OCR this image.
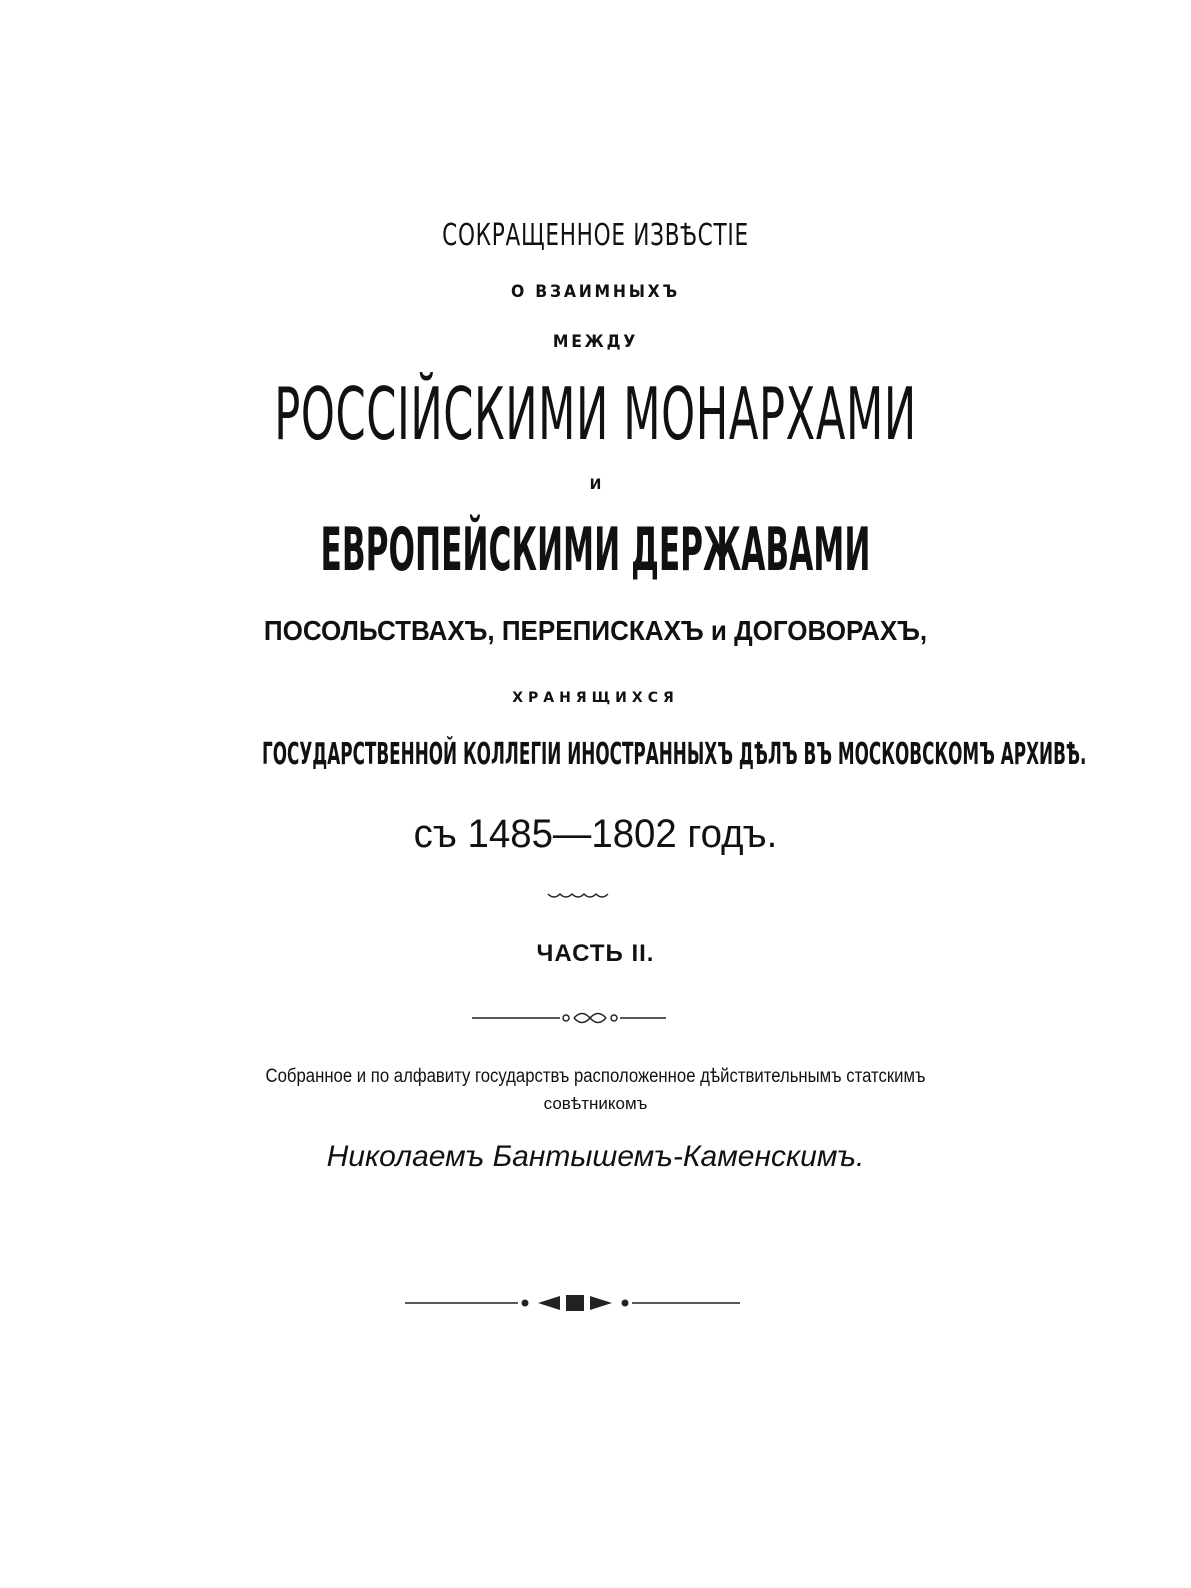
СОКРАЩЕННОЕ ИЗВѢСТІЕ
О ВЗАИМНЫХЪ
МЕЖДУ
РОССІЙСКИМИ МОНАРХАМИ
И
ЕВРОПЕЙСКИМИ ДЕРЖАВАМИ
ПОСОЛЬСТВАХЪ, ПЕРЕПИСКАХЪ и ДОГОВОРАХЪ,
ХРАНЯЩИХСЯ
ГОСУДАРСТВЕННОЙ КОЛЛЕГІИ ИНОСТРАННЫХЪ ДѢЛЪ ВЪ МОСКОВСКОМЪ АРХИВѢ.
съ 1485—1802 годъ.
ЧАСТЬ II.
Собранное и по алфавиту государствъ расположенное дѣйствительнымъ статскимъ
совѣтникомъ
Николаемъ Бантышемъ-Каменскимъ.
